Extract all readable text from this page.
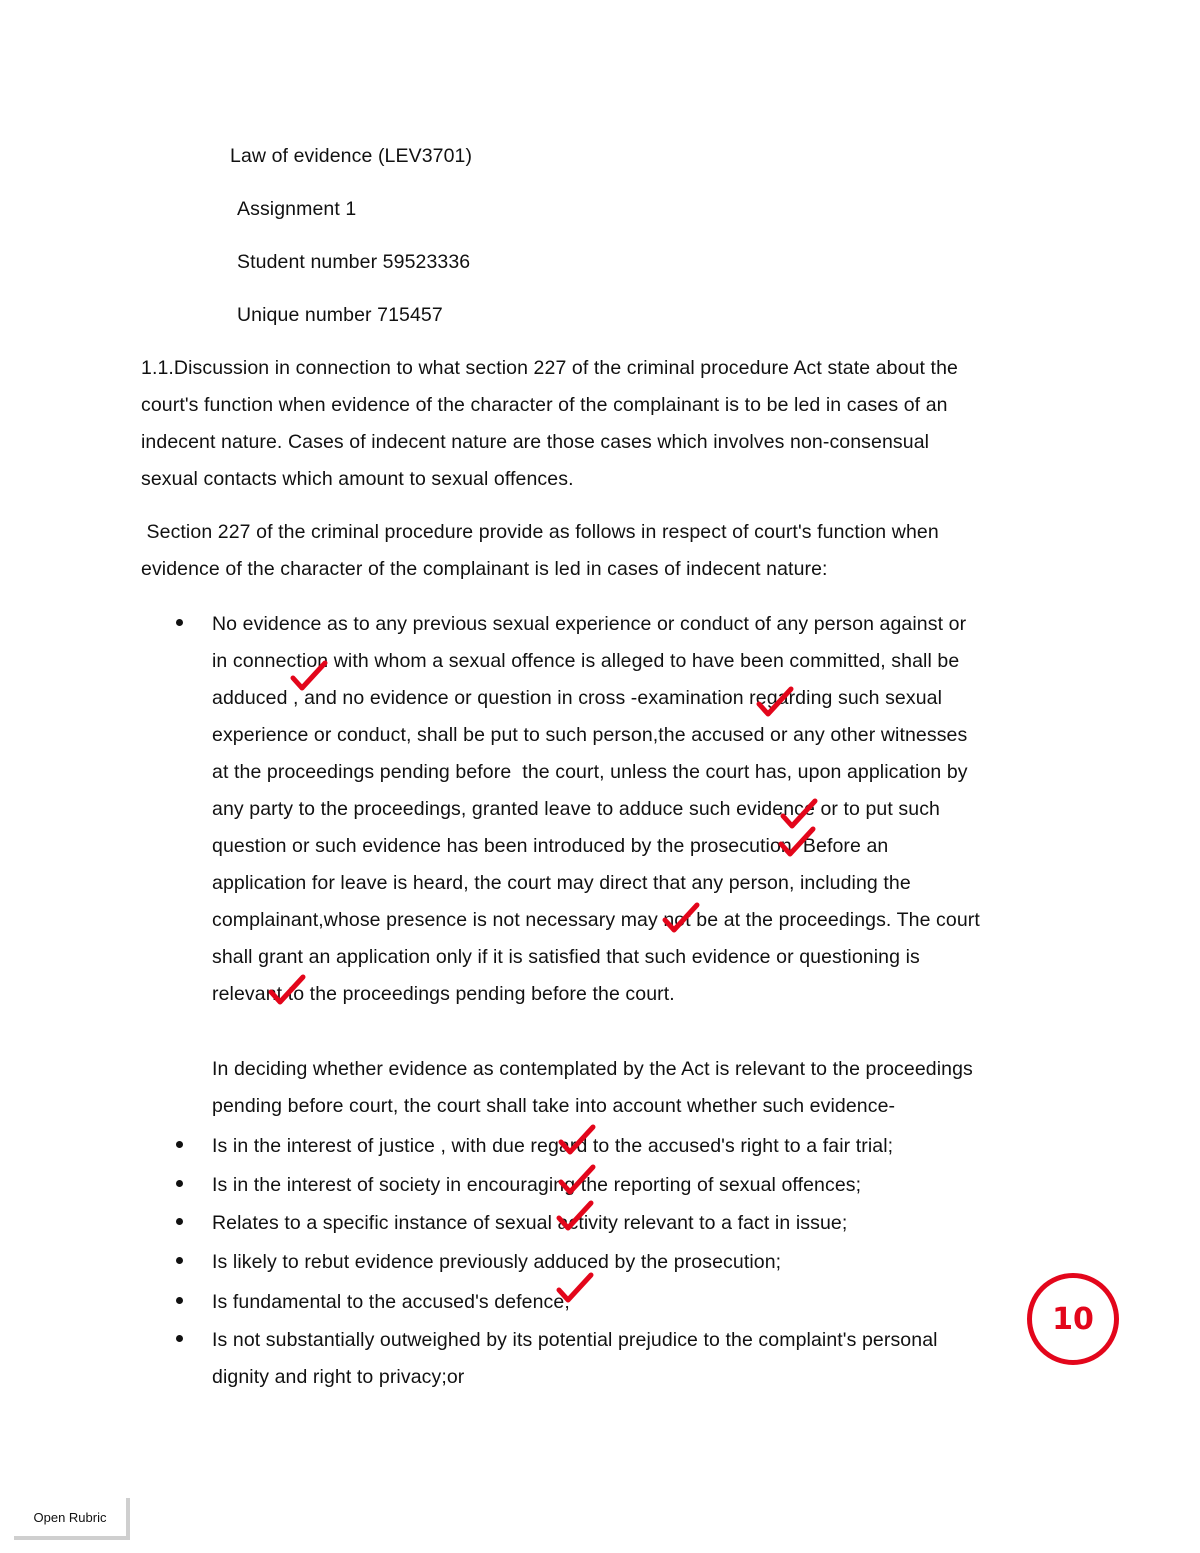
Law of evidence (LEV3701)
Assignment 1
Student number 59523336
Unique number 715457
1.1.Discussion in connection to what section 227 of the criminal procedure Act state about the
court's function when evidence of the character of the complainant is to be led in cases of an
indecent nature. Cases of indecent nature are those cases which involves non-consensual
sexual contacts which amount to sexual offences.
Section 227 of the criminal procedure provide as follows in respect of court's function when
evidence of the character of the complainant is led in cases of indecent nature:
No evidence as to any previous sexual experience or conduct of any person against or
in connection with whom a sexual offence is alleged to have been committed, shall be
adduced , and no evidence or question in cross -examination regarding such sexual
experience or conduct, shall be put to such person,the accused or any other witnesses
at the proceedings pending before  the court, unless the court has, upon application by
any party to the proceedings, granted leave to adduce such evidence or to put such
question or such evidence has been introduced by the prosecution. Before an
application for leave is heard, the court may direct that any person, including the
complainant,whose presence is not necessary may not be at the proceedings. The court
shall grant an application only if it is satisfied that such evidence or questioning is
relevant to the proceedings pending before the court.
In deciding whether evidence as contemplated by the Act is relevant to the proceedings
pending before court, the court shall take into account whether such evidence-
Is in the interest of justice , with due regard to the accused's right to a fair trial;
Is in the interest of society in encouraging the reporting of sexual offences;
Relates to a specific instance of sexual activity relevant to a fact in issue;
Is likely to rebut evidence previously adduced by the prosecution;
Is fundamental to the accused's defence;
Is not substantially outweighed by its potential prejudice to the complaint's personal
dignity and right to privacy;or
10
Open Rubric
